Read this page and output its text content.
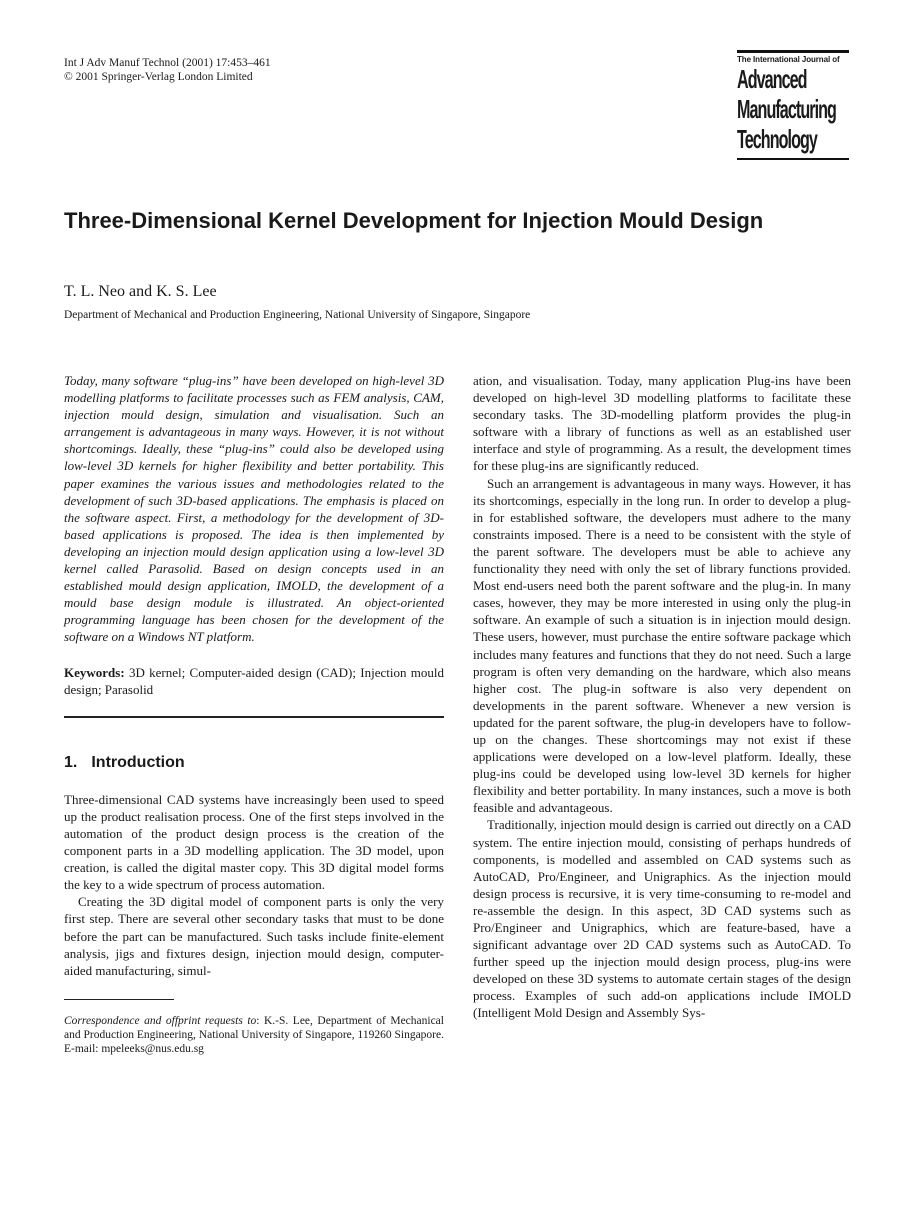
Int J Adv Manuf Technol (2001) 17:453–461
© 2001 Springer-Verlag London Limited
The International Journal of
Advanced
Manufacturing
Technology
Three-Dimensional Kernel Development for Injection Mould Design
T. L. Neo and K. S. Lee
Department of Mechanical and Production Engineering, National University of Singapore, Singapore

Today, many software “plug-ins” have been developed on high-level 3D modelling platforms to facilitate processes such as FEM analysis, CAM, injection mould design, simulation and visualisation. Such an arrangement is advantageous in many ways. However, it is not without shortcomings. Ideally, these “plug-ins” could also be developed using low-level 3D kernels for higher flexibility and better portability. This paper examines the various issues and methodologies related to the development of such 3D-based applications. The emphasis is placed on the software aspect. First, a methodology for the development of 3D-based applications is proposed. The idea is then implemented by developing an injection mould design application using a low-level 3D kernel called Parasolid. Based on design concepts used in an established mould design application, IMOLD, the development of a mould base design module is illustrated. An object-oriented programming language has been chosen for the development of the software on a Windows NT platform.

Keywords: 3D kernel; Computer-aided design (CAD); Injection mould design; Parasolid

1. Introduction

Three-dimensional CAD systems have increasingly been used to speed up the product realisation process. One of the first steps involved in the automation of the product design process is the creation of the component parts in a 3D modelling application. The 3D model, upon creation, is called the digital master copy. This 3D digital model forms the key to a wide spectrum of process automation.

Creating the 3D digital model of component parts is only the very first step. There are several other secondary tasks that must to be done before the part can be manufactured. Such tasks include finite-element analysis, jigs and fixtures design, injection mould design, computer-aided manufacturing, simul-

Correspondence and offprint requests to: K.-S. Lee, Department of Mechanical and Production Engineering, National University of Singapore, 119260 Singapore. E-mail: mpeleeks@nus.edu.sg

ation, and visualisation. Today, many application Plug-ins have been developed on high-level 3D modelling platforms to facilitate these secondary tasks. The 3D-modelling platform provides the plug-in software with a library of functions as well as an established user interface and style of programming. As a result, the development times for these plug-ins are significantly reduced.

Such an arrangement is advantageous in many ways. However, it has its shortcomings, especially in the long run. In order to develop a plug-in for established software, the developers must adhere to the many constraints imposed. There is a need to be consistent with the style of the parent software. The developers must be able to achieve any functionality they need with only the set of library functions provided. Most end-users need both the parent software and the plug-in. In many cases, however, they may be more interested in using only the plug-in software. An example of such a situation is in injection mould design. These users, however, must purchase the entire software package which includes many features and functions that they do not need. Such a large program is often very demanding on the hardware, which also means higher cost. The plug-in software is also very dependent on developments in the parent software. Whenever a new version is updated for the parent software, the plug-in developers have to follow-up on the changes. These shortcomings may not exist if these applications were developed on a low-level platform. Ideally, these plug-ins could be developed using low-level 3D kernels for higher flexibility and better portability. In many instances, such a move is both feasible and advantageous.

Traditionally, injection mould design is carried out directly on a CAD system. The entire injection mould, consisting of perhaps hundreds of components, is modelled and assembled on CAD systems such as AutoCAD, Pro/Engineer, and Unigraphics. As the injection mould design process is recursive, it is very time-consuming to re-model and re-assemble the design. In this aspect, 3D CAD systems such as Pro/Engineer and Unigraphics, which are feature-based, have a significant advantage over 2D CAD systems such as AutoCAD. To further speed up the injection mould design process, plug-ins were developed on these 3D systems to automate certain stages of the design process. Examples of such add-on applications include IMOLD (Intelligent Mold Design and Assembly Sys-
